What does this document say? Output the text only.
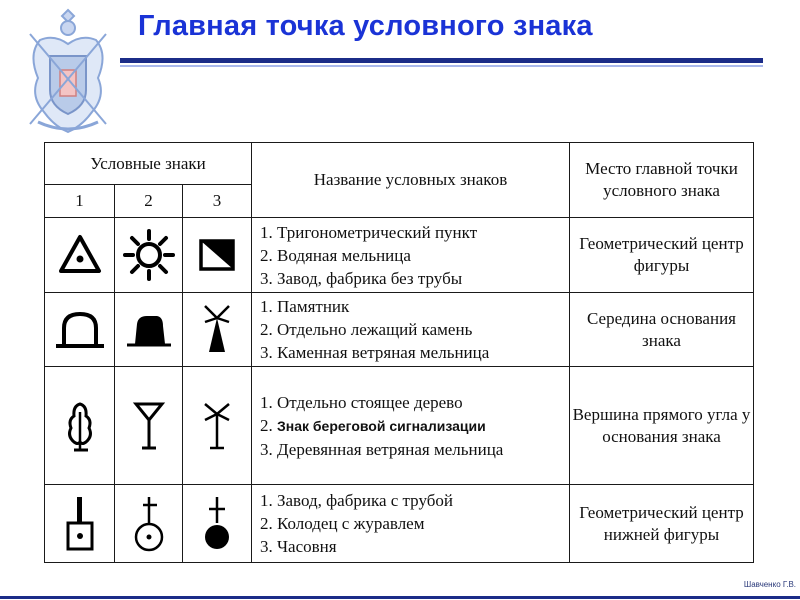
Главная точка условного знака
Условные знаки			Название условных знаков	Место главной точки условного знака
1	2	3		

1. Тригонометрический пункт
2. Водяная мельница
3. Завод, фабрика без трубы	Геометрический центр фигуры

1. Памятник
2. Отдельно лежащий камень
3. Каменная ветряная мельница	Середина основания знака

1. Отдельно стоящее дерево
2. Знак береговой сигнализации
3. Деревянная ветряная мельница	Вершина прямого угла у основания знака

1. Завод, фабрика с трубой
2. Колодец с журавлем
3. Часовня	Геометрический центр нижней фигуры
Шавченко Г.В.
